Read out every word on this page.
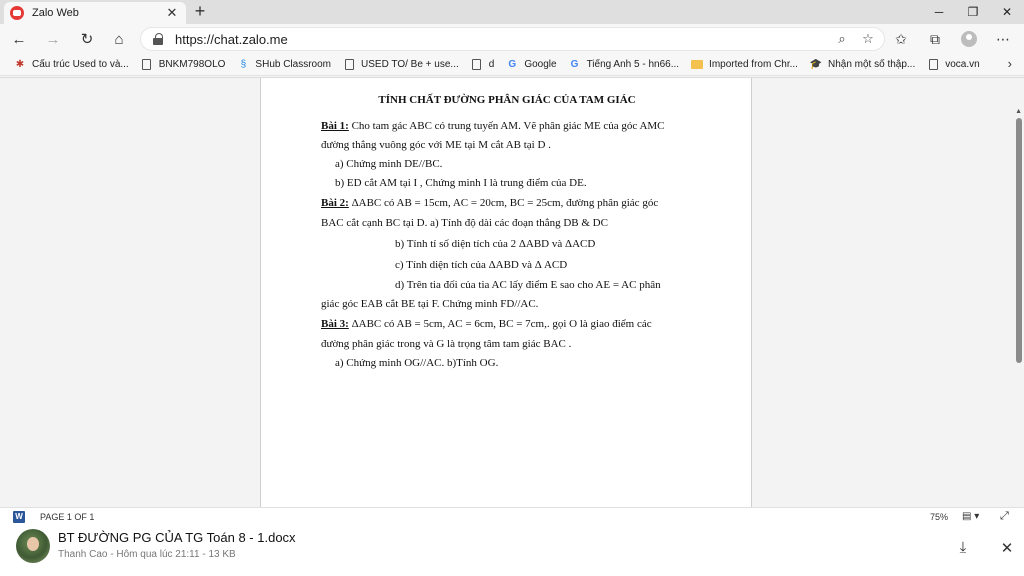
Zalo Web	✕ +	─	❐	✕
← →	↻	⌂	https://chat.zalo.me	⌕	☆	✩	⧉	⋯
✱ Cấu trúc Used to và...	BNKM798OLO	§ SHub Classroom	USED TO/ Be + use...	d G Google G Tiếng Anh 5 - hn66...	Imported from Chr... 🎓 Nhận một số thập...	voca.vn ›
TÍNH CHẤT ĐƯỜNG PHÂN GIÁC CỦA TAM GIÁC
Bài 1: Cho tam gác ABC có trung tuyến AM. Vẽ phân giác ME của góc AMC
đường thẳng vuông góc với ME tại M cắt AB tại D .
a) Chứng minh DE//BC.
b) ED cắt AM tại I , Chứng minh I là trung điểm của DE.
Bài 2: ΔABC có AB = 15cm, AC = 20cm, BC = 25cm, đường phân giác góc
BAC cắt cạnh BC tại D. a) Tính độ dài các đoạn thẳng DB & DC
b) Tính tỉ số diện tích của 2 ΔABD và ΔACD
c) Tính diện tích của ΔABD và Δ ACD
d) Trên tia đối của tia AC lấy điểm E sao cho AE = AC phân
giác góc EAB cắt BE tại F. Chứng minh FD//AC.
Bài 3: ΔABC có AB = 5cm, AC = 6cm, BC = 7cm,. gọi O là giao điểm các
đường phân giác trong và G là trọng tâm tam giác BAC .
a) Chứng minh OG//AC. b)Tính OG.
▲
W PAGE 1 OF 1	75% ▤ ▾ ⤢
BT ĐƯỜNG PG CỦA TG Toán 8 - 1.docx
Thanh Cao - Hôm qua lúc 21:11 - 13 KB	⤓	✕
